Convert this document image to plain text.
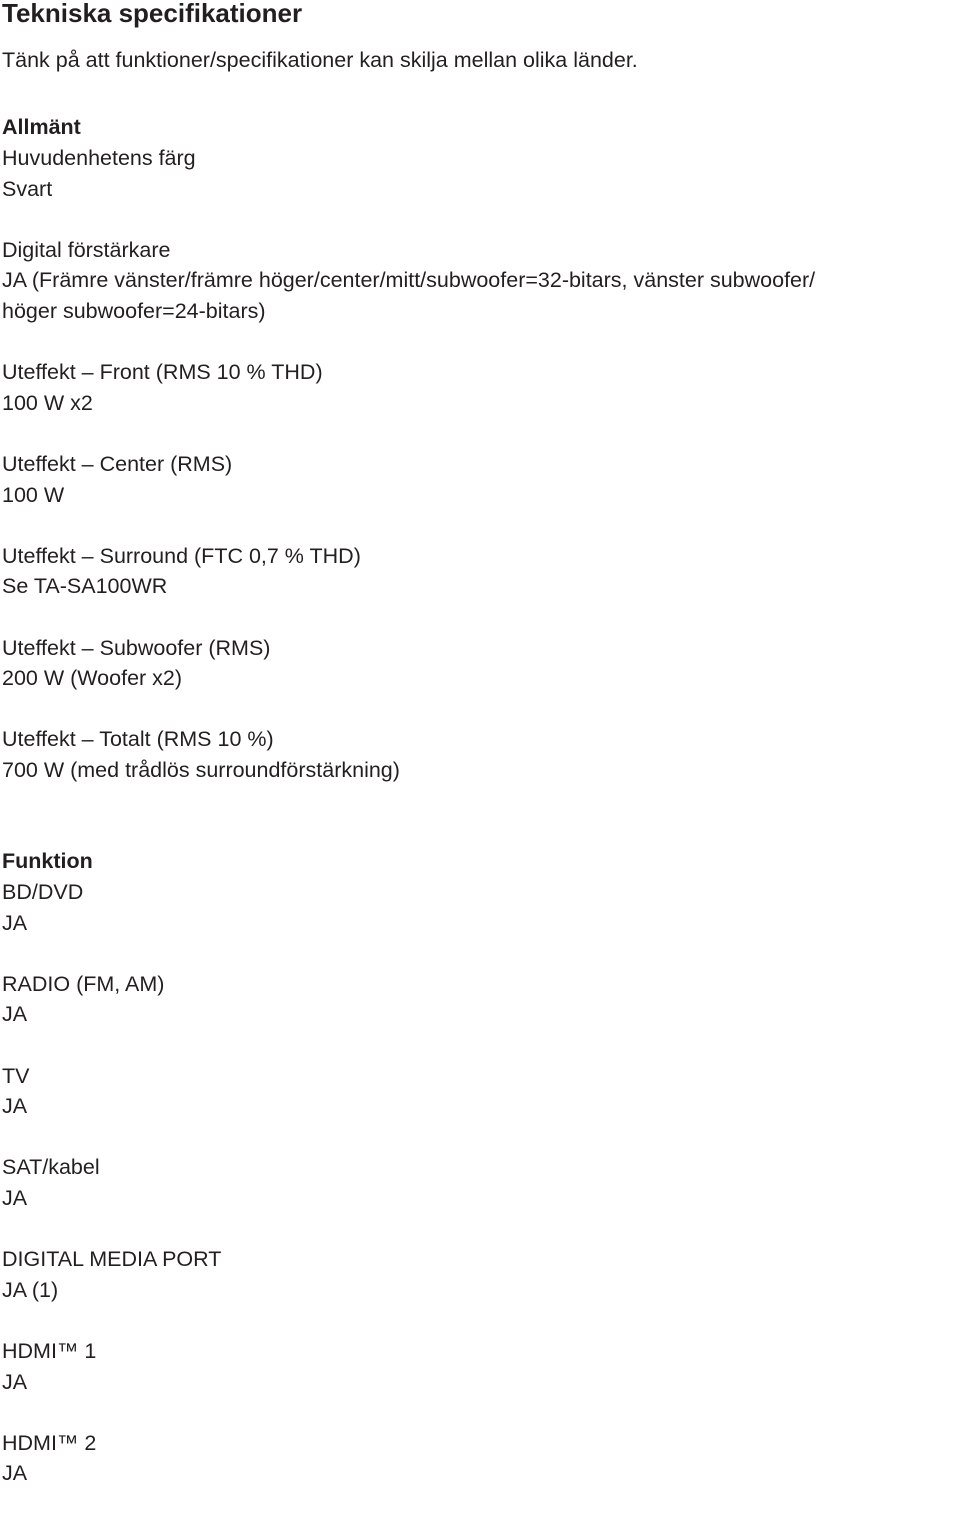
Tekniska specifikationer
Tänk på att funktioner/specifikationer kan skilja mellan olika länder.
Allmänt
Huvudenhetens färg
Svart
Digital förstärkare
JA (Främre vänster/främre höger/center/mitt/subwoofer=32-bitars, vänster subwoofer/
höger subwoofer=24-bitars)
Uteffekt – Front (RMS 10 % THD)
100 W x2
Uteffekt – Center (RMS)
100 W
Uteffekt – Surround (FTC 0,7 % THD)
Se TA-SA100WR
Uteffekt – Subwoofer (RMS)
200 W (Woofer x2)
Uteffekt – Totalt (RMS 10 %)
700 W (med trådlös surroundförstärkning)
Funktion
BD/DVD
JA
RADIO (FM, AM)
JA
TV
JA
SAT/kabel
JA
DIGITAL MEDIA PORT
JA (1)
HDMI™ 1
JA
HDMI™ 2
JA
